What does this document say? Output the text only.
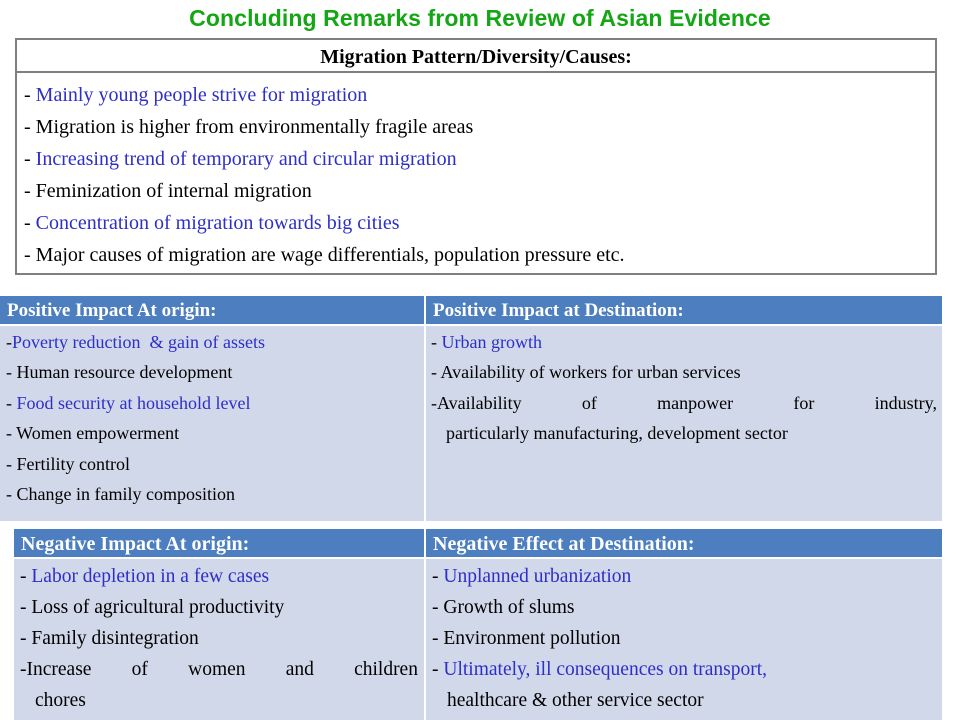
Concluding Remarks from Review of Asian Evidence
Migration Pattern/Diversity/Causes:
- Mainly young people strive for migration
- Migration is higher from environmentally fragile areas
- Increasing trend of temporary and circular migration
- Feminization of internal migration
- Concentration of migration towards big cities
- Major causes of migration are wage differentials, population pressure etc.
Positive Impact At origin:	Positive Impact at Destination:
-Poverty reduction  & gain of assets
- Human resource development
- Food security at household level
- Women empowerment
- Fertility control
- Change in family composition
- Urban growth
- Availability of workers for urban services
-Availability	of	manpower	for	industry,
particularly manufacturing, development sector
Negative Impact At origin:	Negative Effect at Destination:
- Labor depletion in a few cases
- Loss of agricultural productivity
- Family disintegration
-Increase of women and children
chores
- Unplanned urbanization
- Growth of slums
- Environment pollution
- Ultimately, ill consequences on transport,
healthcare & other service sector
